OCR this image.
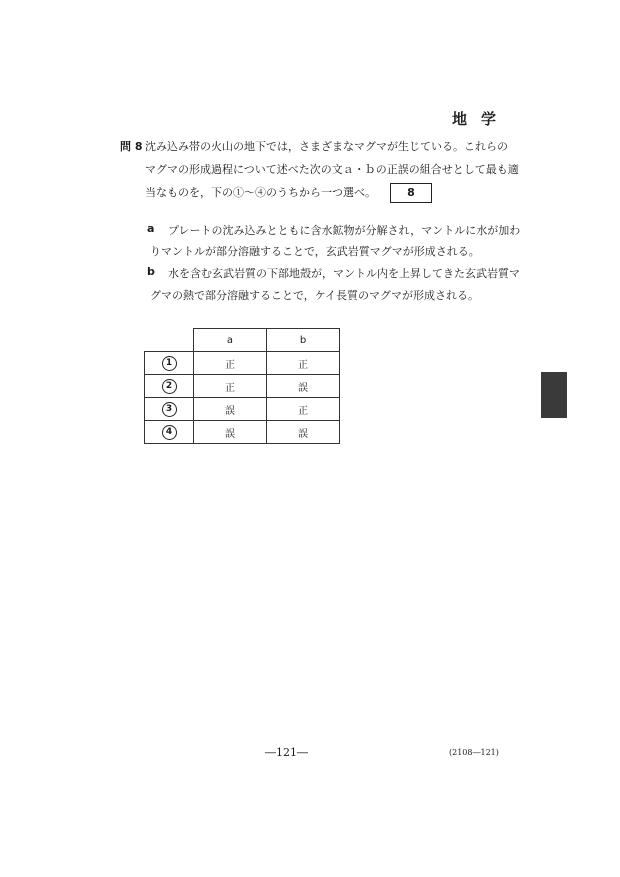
地学
問 8 沈み込み帯の火山の地下では，さまざまなマグマが生じている。これらの
マグマの形成過程について述べた次の文ａ・ｂの正誤の組合せとして最も適
当なものを，下の①～④のうちから一つ選べ。	8
a プレートの沈み込みとともに含水鉱物が分解され，マントルに水が加わ
りマントルが部分溶融することで，玄武岩質マグマが形成される。
b 水を含む玄武岩質の下部地殻が，マントル内を上昇してきた玄武岩質マ
グマの熱で部分溶融することで，ケイ長質のマグマが形成される。
	a	b
1	正	正
2	正	誤
3	誤	正
4	誤	誤
―121―	(2108―121)
